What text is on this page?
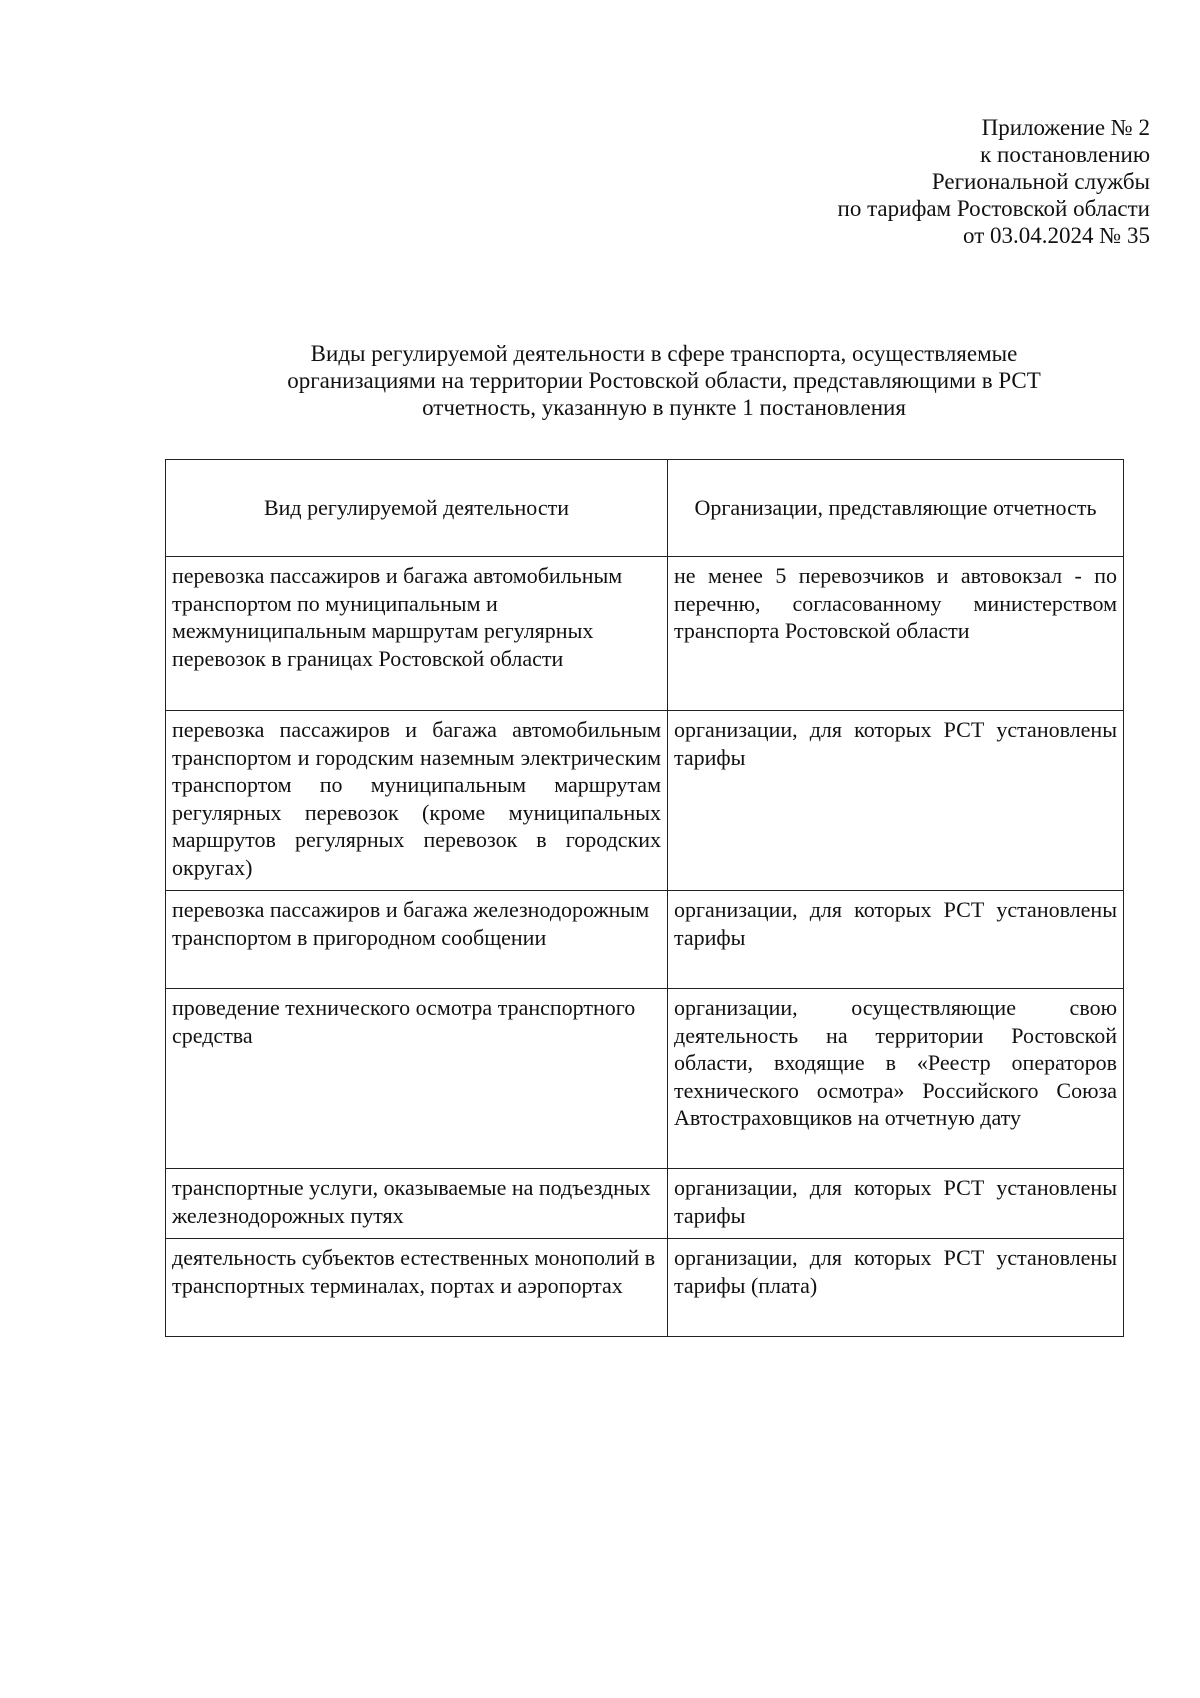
Приложение № 2
к постановлению
Региональной службы
по тарифам Ростовской области
от 03.04.2024 № 35
Виды регулируемой деятельности в сфере транспорта, осуществляемые
организациями на территории Ростовской области, представляющими в РСТ
отчетность, указанную в пункте 1 постановления
Вид регулируемой деятельности	Организации, представляющие отчетность
перевозка пассажиров и багажа автомобильным транспортом по муниципальным и межмуниципальным маршрутам регулярных перевозок в границах Ростовской области	не менее 5 перевозчиков и автовокзал - по перечню, согласованному министерством транспорта Ростовской области
перевозка пассажиров и багажа автомобильным транспортом и городским наземным электрическим транспортом по муниципальным маршрутам регулярных перевозок (кроме муниципальных маршрутов регулярных перевозок в городских округах)	организации, для которых РСТ установлены тарифы
перевозка пассажиров и багажа железнодорожным транспортом в пригородном сообщении	организации, для которых РСТ установлены тарифы
проведение технического осмотра транспортного средства	организации, осуществляющие свою деятельность на территории Ростовской области, входящие в «Реестр операторов технического осмотра» Российского Союза Автостраховщиков на отчетную дату
транспортные услуги, оказываемые на подъездных железнодорожных путях	организации, для которых РСТ установлены тарифы
деятельность субъектов естественных монополий в транспортных терминалах, портах и аэропортах	организации, для которых РСТ установлены тарифы (плата)
